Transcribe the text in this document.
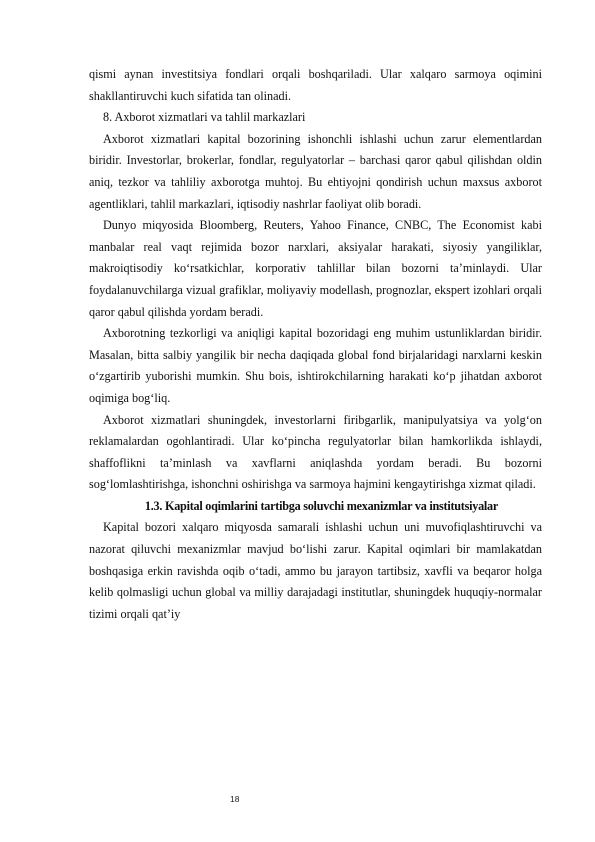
qismi aynan investitsiya fondlari orqali boshqariladi. Ular xalqaro sarmoya oqimini shakllantiruvchi kuch sifatida tan olinadi.

8. Axborot xizmatlari va tahlil markazlari

Axborot xizmatlari kapital bozorining ishonchli ishlashi uchun zarur elementlardan biridir. Investorlar, brokerlar, fondlar, regulyatorlar – barchasi qaror qabul qilishdan oldin aniq, tezkor va tahliliy axborotga muhtoj. Bu ehtiyojni qondirish uchun maxsus axborot agentliklari, tahlil markazlari, iqtisodiy nashrlar faoliyat olib boradi.

Dunyo miqyosida Bloomberg, Reuters, Yahoo Finance, CNBC, The Economist kabi manbalar real vaqt rejimida bozor narxlari, aksiyalar harakati, siyosiy yangiliklar, makroiqtisodiy ko‘rsatkichlar, korporativ tahlillar bilan bozorni ta’minlaydi. Ular foydalanuvchilarga vizual grafiklar, moliyaviy modellash, prognozlar, ekspert izohlari orqali qaror qabul qilishda yordam beradi.

Axborotning tezkorligi va aniqligi kapital bozoridagi eng muhim ustunliklardan biridir. Masalan, bitta salbiy yangilik bir necha daqiqada global fond birjalaridagi narxlarni keskin o‘zgartirib yuborishi mumkin. Shu bois, ishtirokchilarning harakati ko‘p jihatdan axborot oqimiga bog‘liq.

Axborot xizmatlari shuningdek, investorlarni firibgarlik, manipulyatsiya va yolg‘on reklamalardan ogohlantiradi. Ular ko‘pincha regulyatorlar bilan hamkorlikda ishlaydi, shaffoflikni ta’minlash va xavflarni aniqlashda yordam beradi. Bu bozorni sog‘lomlashtirishga, ishonchni oshirishga va sarmoya hajmini kengaytirishga xizmat qiladi.

1.3. Kapital oqimlarini tartibga soluvchi mexanizmlar va institutsiyalar

Kapital bozori xalqaro miqyosda samarali ishlashi uchun uni muvofiqlashtiruvchi va nazorat qiluvchi mexanizmlar mavjud bo‘lishi zarur. Kapital oqimlari bir mamlakatdan boshqasiga erkin ravishda oqib o‘tadi, ammo bu jarayon tartibsiz, xavfli va beqaror holga kelib qolmasligi uchun global va milliy darajadagi institutlar, shuningdek huquqiy-normalar tizimi orqali qat’iy

18
